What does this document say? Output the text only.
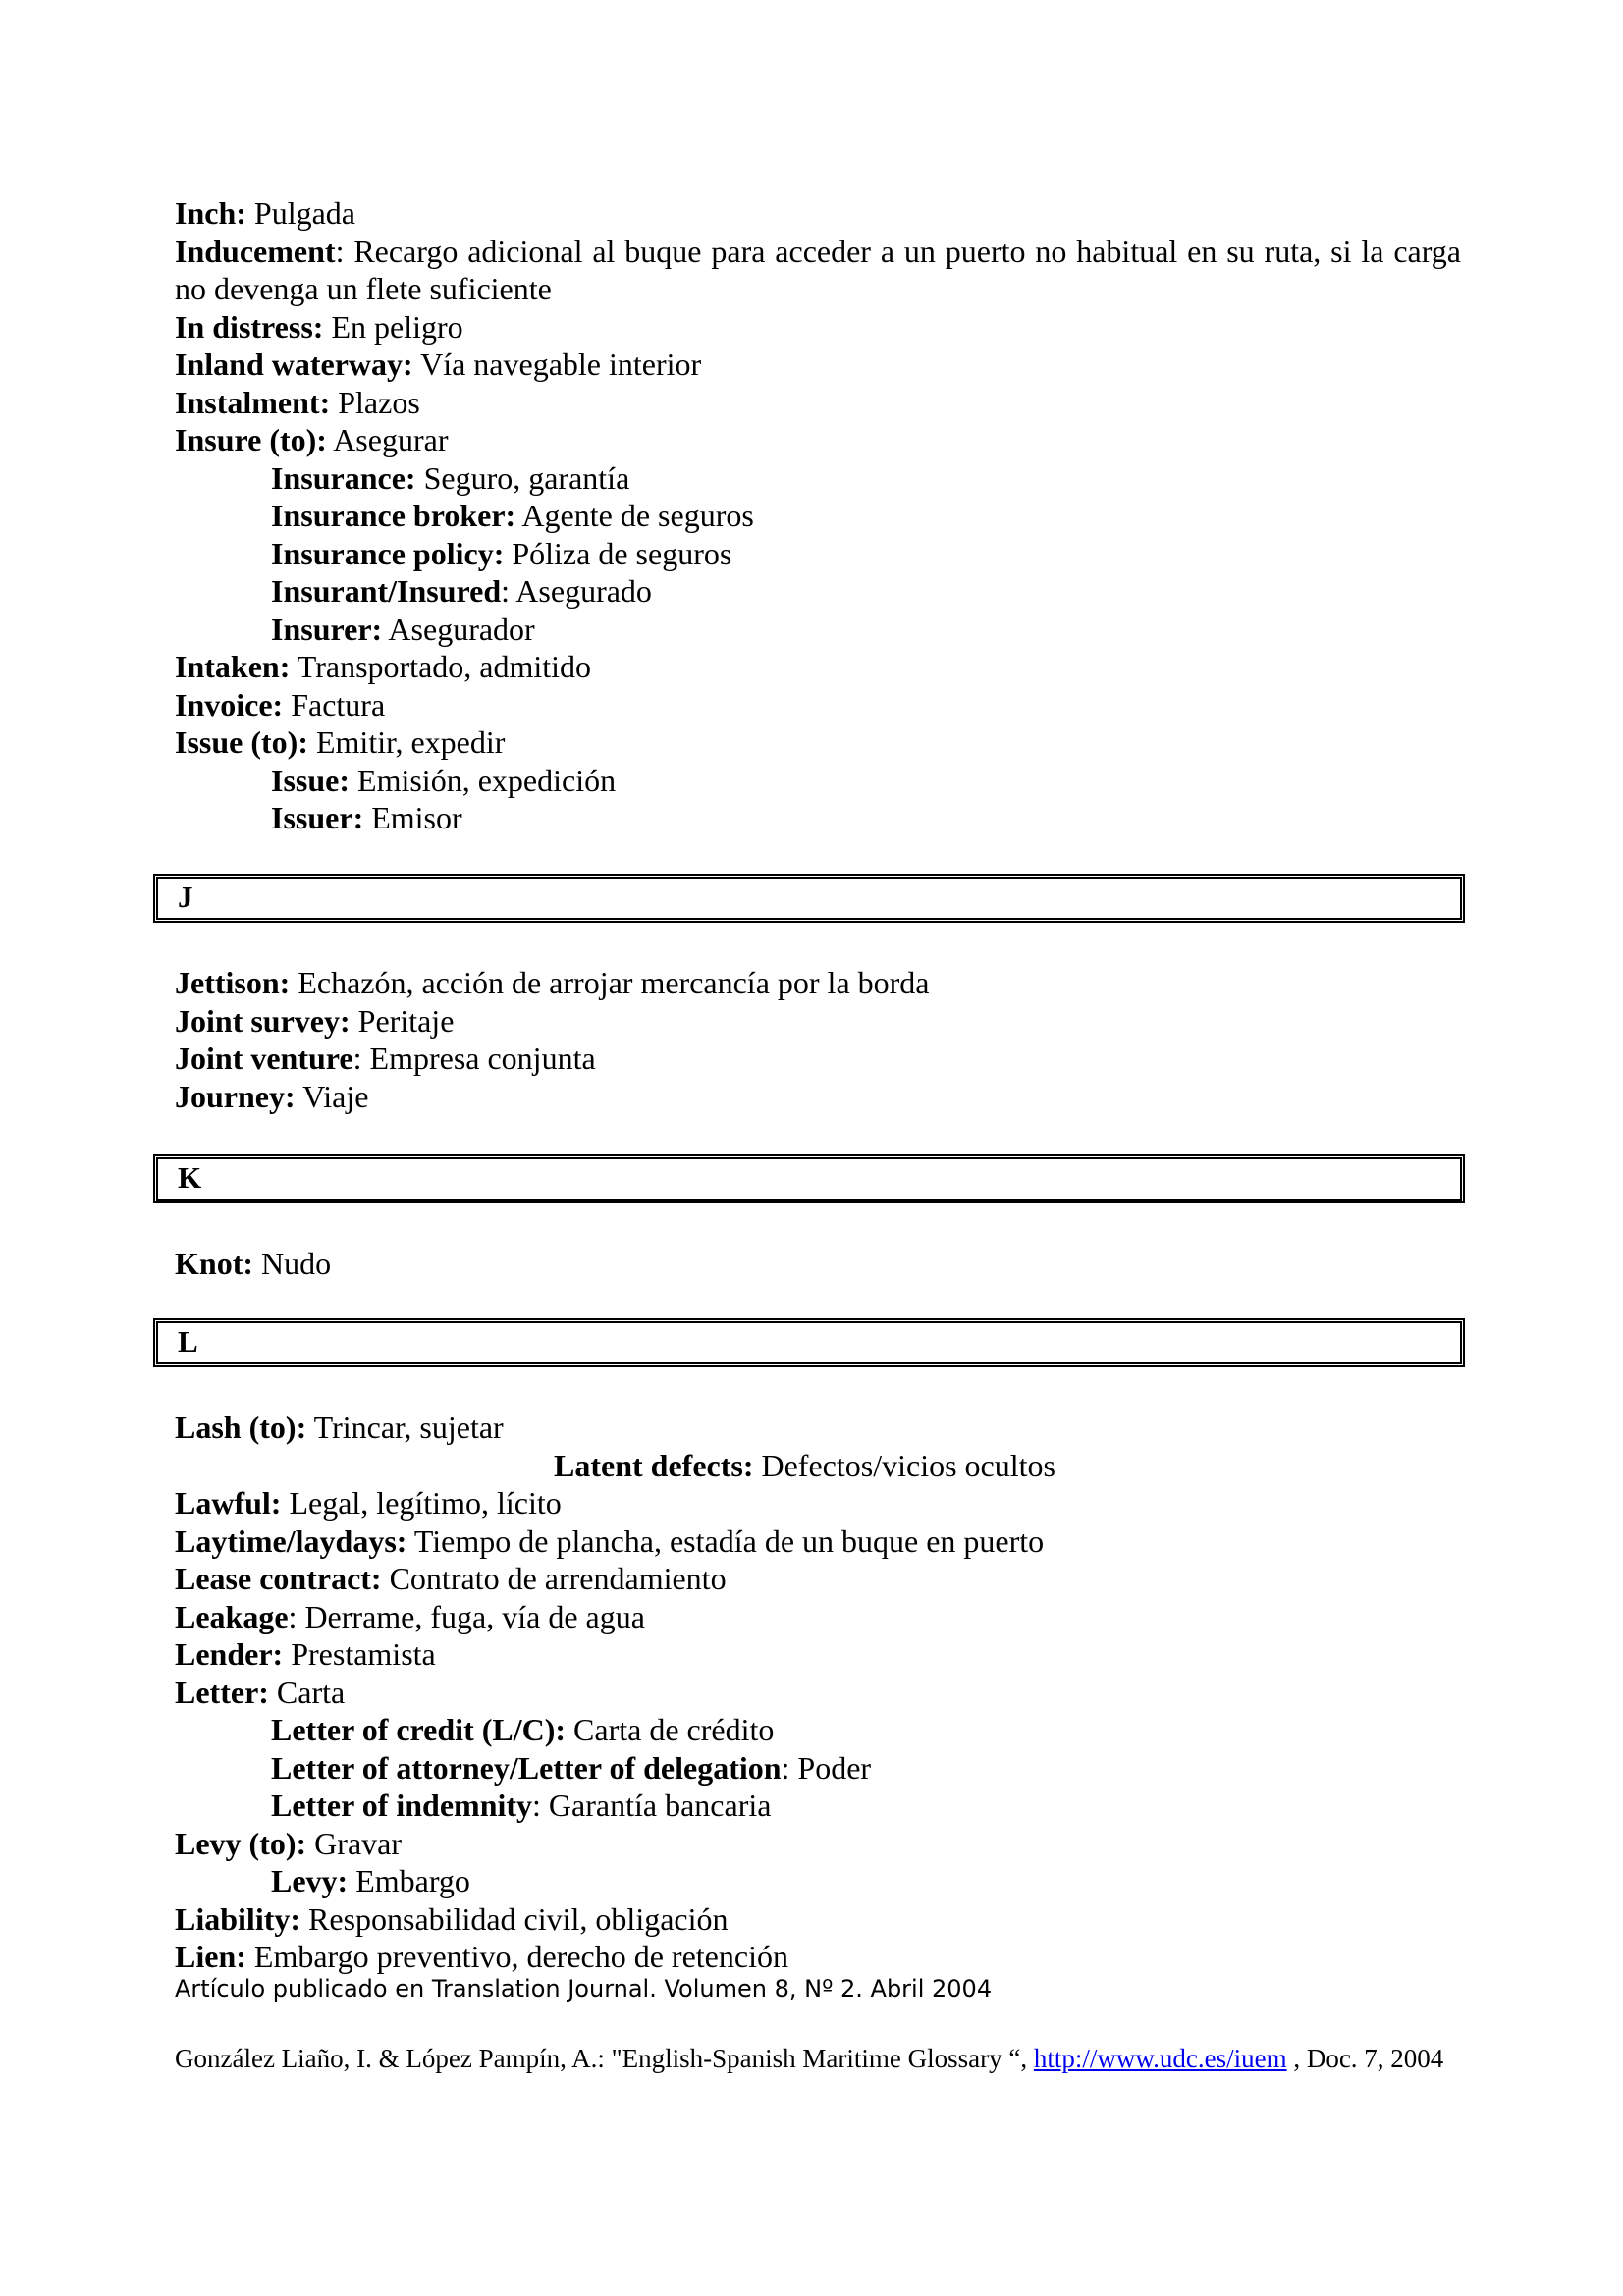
Inch: Pulgada
Inducement: Recargo adicional al buque para acceder a un puerto no habitual en su ruta, si la carga no devenga un flete suficiente
In distress: En peligro
Inland waterway: Vía navegable interior
Instalment: Plazos
Insure (to): Asegurar
Insurance: Seguro, garantía
Insurance broker: Agente de seguros
Insurance policy: Póliza de seguros
Insurant/Insured: Asegurado
Insurer: Asegurador
Intaken: Transportado, admitido
Invoice: Factura
Issue (to): Emitir, expedir
Issue: Emisión, expedición
Issuer: Emisor
J
Jettison: Echazón, acción de arrojar mercancía por la borda
Joint survey: Peritaje
Joint venture: Empresa conjunta
Journey: Viaje
K
Knot: Nudo
L
Lash (to): Trincar, sujetar
Latent defects: Defectos/vicios ocultos
Lawful: Legal, legítimo, lícito
Laytime/laydays: Tiempo de plancha, estadía de un buque en puerto
Lease contract: Contrato de arrendamiento
Leakage: Derrame, fuga, vía de agua
Lender: Prestamista
Letter: Carta
Letter of credit (L/C): Carta de crédito
Letter of attorney/Letter of delegation: Poder
Letter of indemnity: Garantía bancaria
Levy (to): Gravar
Levy: Embargo
Liability: Responsabilidad civil, obligación
Lien: Embargo preventivo, derecho de retención
Artículo publicado en Translation Journal. Volumen 8, Nº 2. Abril 2004
González Liaño, I. & López Pampín, A.: "English-Spanish Maritime Glossary “, http://www.udc.es/iuem , Doc. 7, 2004
